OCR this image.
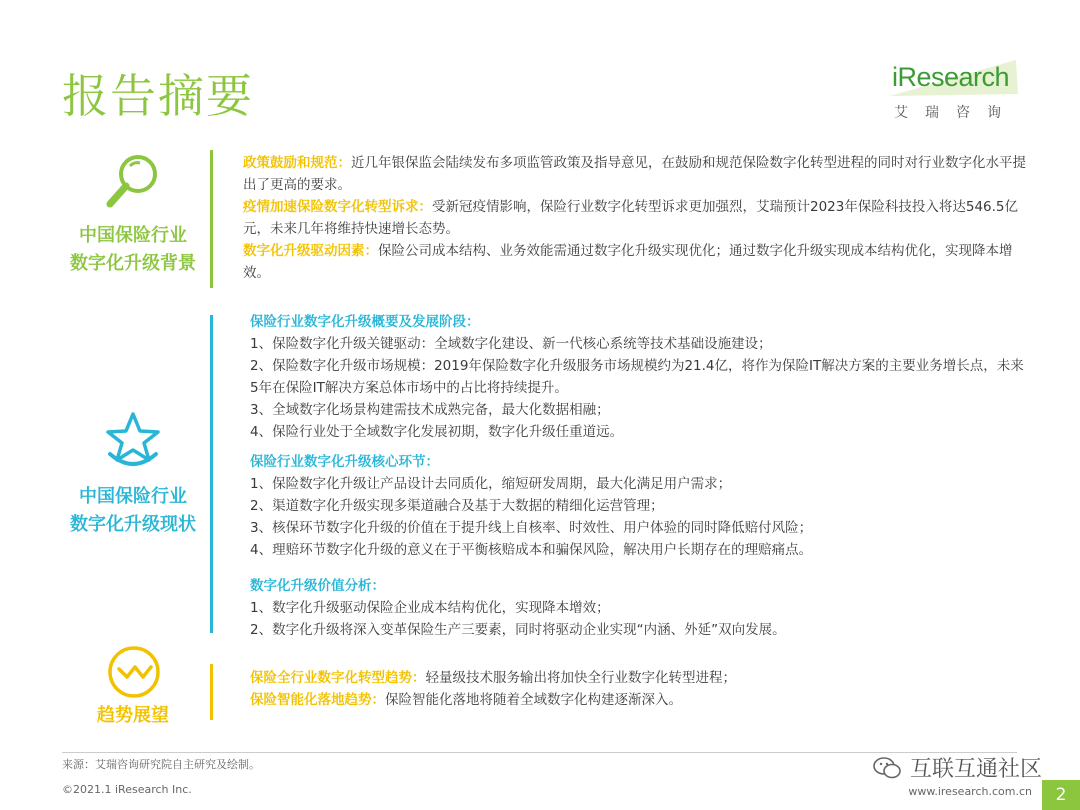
报告摘要	iResearch
艾瑞咨询
中国保险行业
数字化升级背景
政策鼓励和规范：近几年银保监会陆续发布多项监管政策及指导意见，在鼓励和规范保险数字化转型进程的同时对行业数字化水平提出了更高的要求。
疫情加速保险数字化转型诉求：受新冠疫情影响，保险行业数字化转型诉求更加强烈，艾瑞预计2023年保险科技投入将达546.5亿元，未来几年将维持快速增长态势。
数字化升级驱动因素：保险公司成本结构、业务效能需通过数字化升级实现优化；通过数字化升级实现成本结构优化，实现降本增效。
中国保险行业
数字化升级现状
保险行业数字化升级概要及发展阶段：
1、保险数字化升级关键驱动：全域数字化建设、新一代核心系统等技术基础设施建设；
2、保险数字化升级市场规模：2019年保险数字化升级服务市场规模约为21.4亿，将作为保险IT解决方案的主要业务增长点，未来5年在保险IT解决方案总体市场中的占比将持续提升。
3、全域数字化场景构建需技术成熟完备，最大化数据相融；
4、保险行业处于全域数字化发展初期，数字化升级任重道远。
保险行业数字化升级核心环节：
1、保险数字化升级让产品设计去同质化，缩短研发周期，最大化满足用户需求；
2、渠道数字化升级实现多渠道融合及基于大数据的精细化运营管理；
3、核保环节数字化升级的价值在于提升线上自核率、时效性、用户体验的同时降低赔付风险；
4、理赔环节数字化升级的意义在于平衡核赔成本和骗保风险，解决用户长期存在的理赔痛点。
数字化升级价值分析：
1、数字化升级驱动保险企业成本结构优化，实现降本增效；
2、数字化升级将深入变革保险生产三要素，同时将驱动企业实现“内涵、外延”双向发展。
趋势展望
保险全行业数字化转型趋势：轻量级技术服务输出将加快全行业数字化转型进程；
保险智能化落地趋势：保险智能化落地将随着全域数字化构建逐渐深入。
来源：艾瑞咨询研究院自主研究及绘制。
©2021.1 iResearch Inc.	www.iresearch.com.cn
互联互通社区
2
